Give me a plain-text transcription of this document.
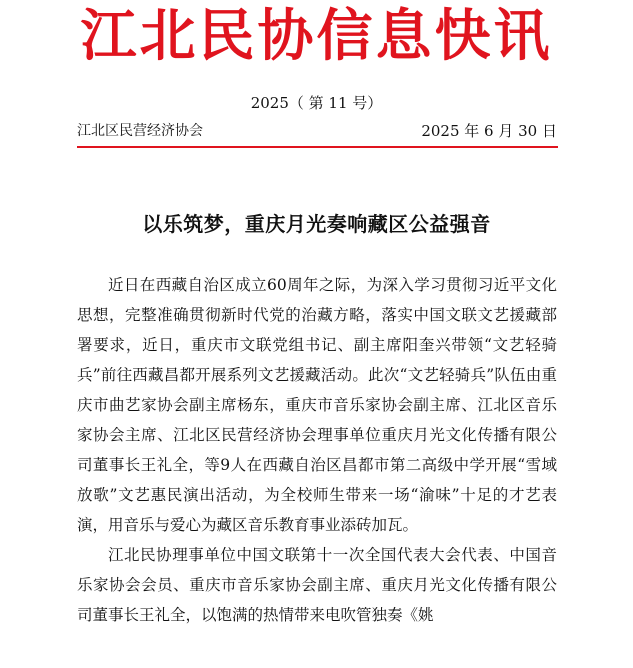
江北民协信息快讯
2025（ 第 11 号）
江北区民营经济协会	2025 年 6 月 30 日
以乐筑梦，重庆月光奏响藏区公益强音

近日在西藏自治区成立60周年之际，为深入学习贯彻习近平文化思想，完整准确贯彻新时代党的治藏方略，落实中国文联文艺援藏部署要求，近日，重庆市文联党组书记、副主席阳奎兴带领“文艺轻骑兵”前往西藏昌都开展系列文艺援藏活动。此次“文艺轻骑兵”队伍由重庆市曲艺家协会副主席杨东，重庆市音乐家协会副主席、江北区音乐家协会主席、江北区民营经济协会理事单位重庆月光文化传播有限公司董事长王礼全，等9人在西藏自治区昌都市第二高级中学开展“雪域放歌”文艺惠民演出活动，为全校师生带来一场“渝味”十足的才艺表演，用音乐与爱心为藏区音乐教育事业添砖加瓦。

江北民协理事单位中国文联第十一次全国代表大会代表、中国音乐家协会会员、重庆市音乐家协会副主席、重庆月光文化传播有限公司董事长王礼全，以饱满的热情带来电吹管独奏《姚
